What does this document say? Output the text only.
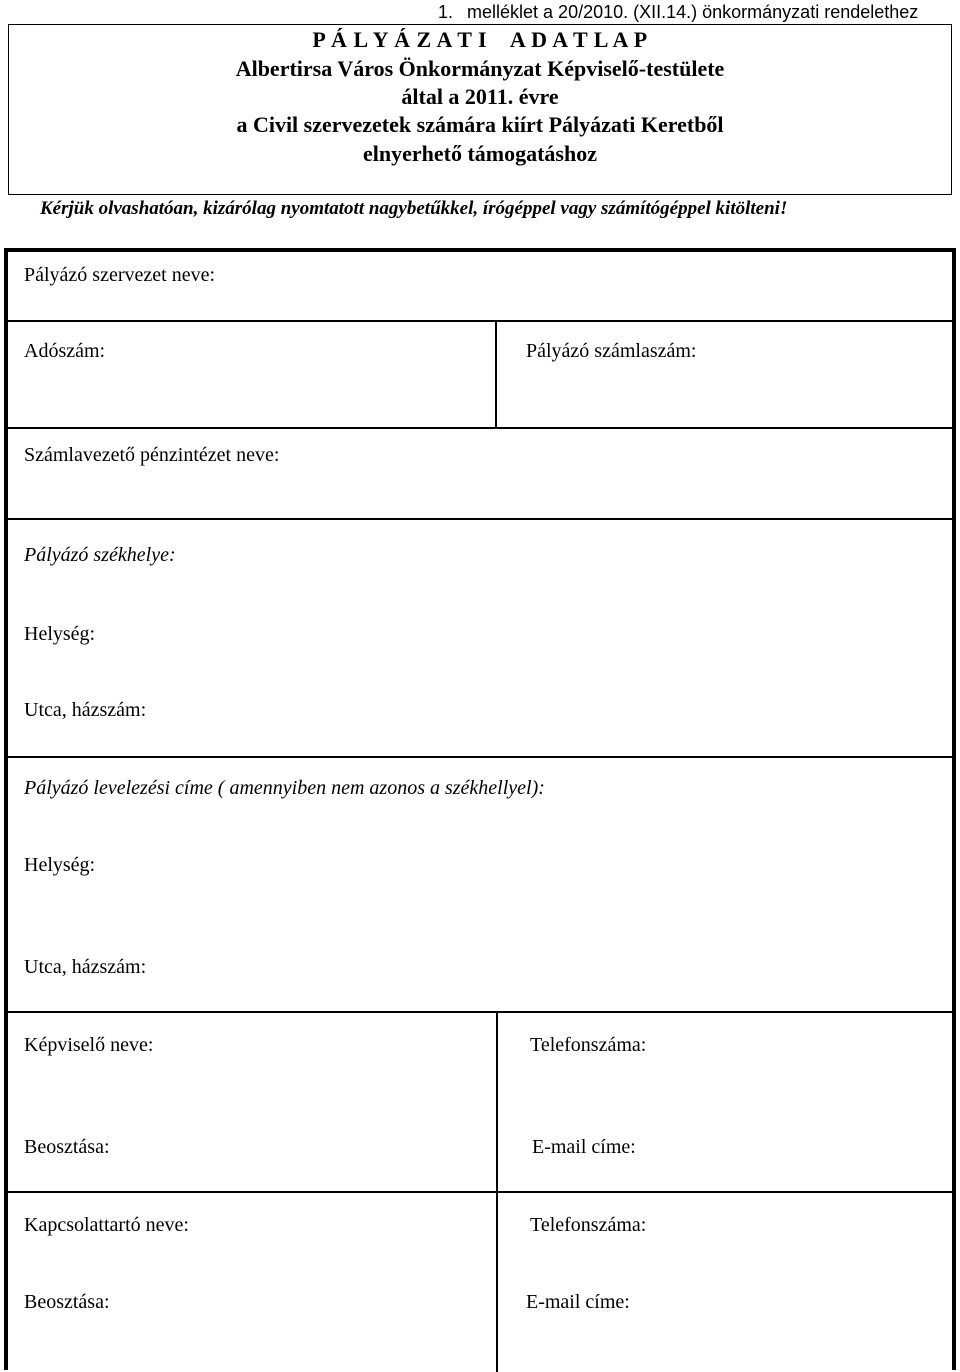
1. melléklet a 20/2010. (XII.14.) önkormányzati rendelethez
P Á L Y Á Z A T I    A D A T L A P
Albertirsa Város Önkormányzat Képviselő-testülete
által a 2011. évre
a Civil szervezetek számára kiírt Pályázati Keretből
elnyerhető támogatáshoz
Kérjük olvashatóan, kizárólag nyomtatott nagybetűkkel, írógéppel vagy számítógéppel kitölteni!
Pályázó szervezet neve:
Adószám:	Pályázó számlaszám:
Számlavezető pénzintézet neve:
Pályázó székhelye:
Helység:
Utca, házszám:
Pályázó levelezési címe ( amennyiben nem azonos a székhellyel):
Helység:
Utca, házszám:
Képviselő neve:	Telefonszáma:
Beosztása:	E-mail címe:
Kapcsolattartó neve:	Telefonszáma:
Beosztása:	E-mail címe:
